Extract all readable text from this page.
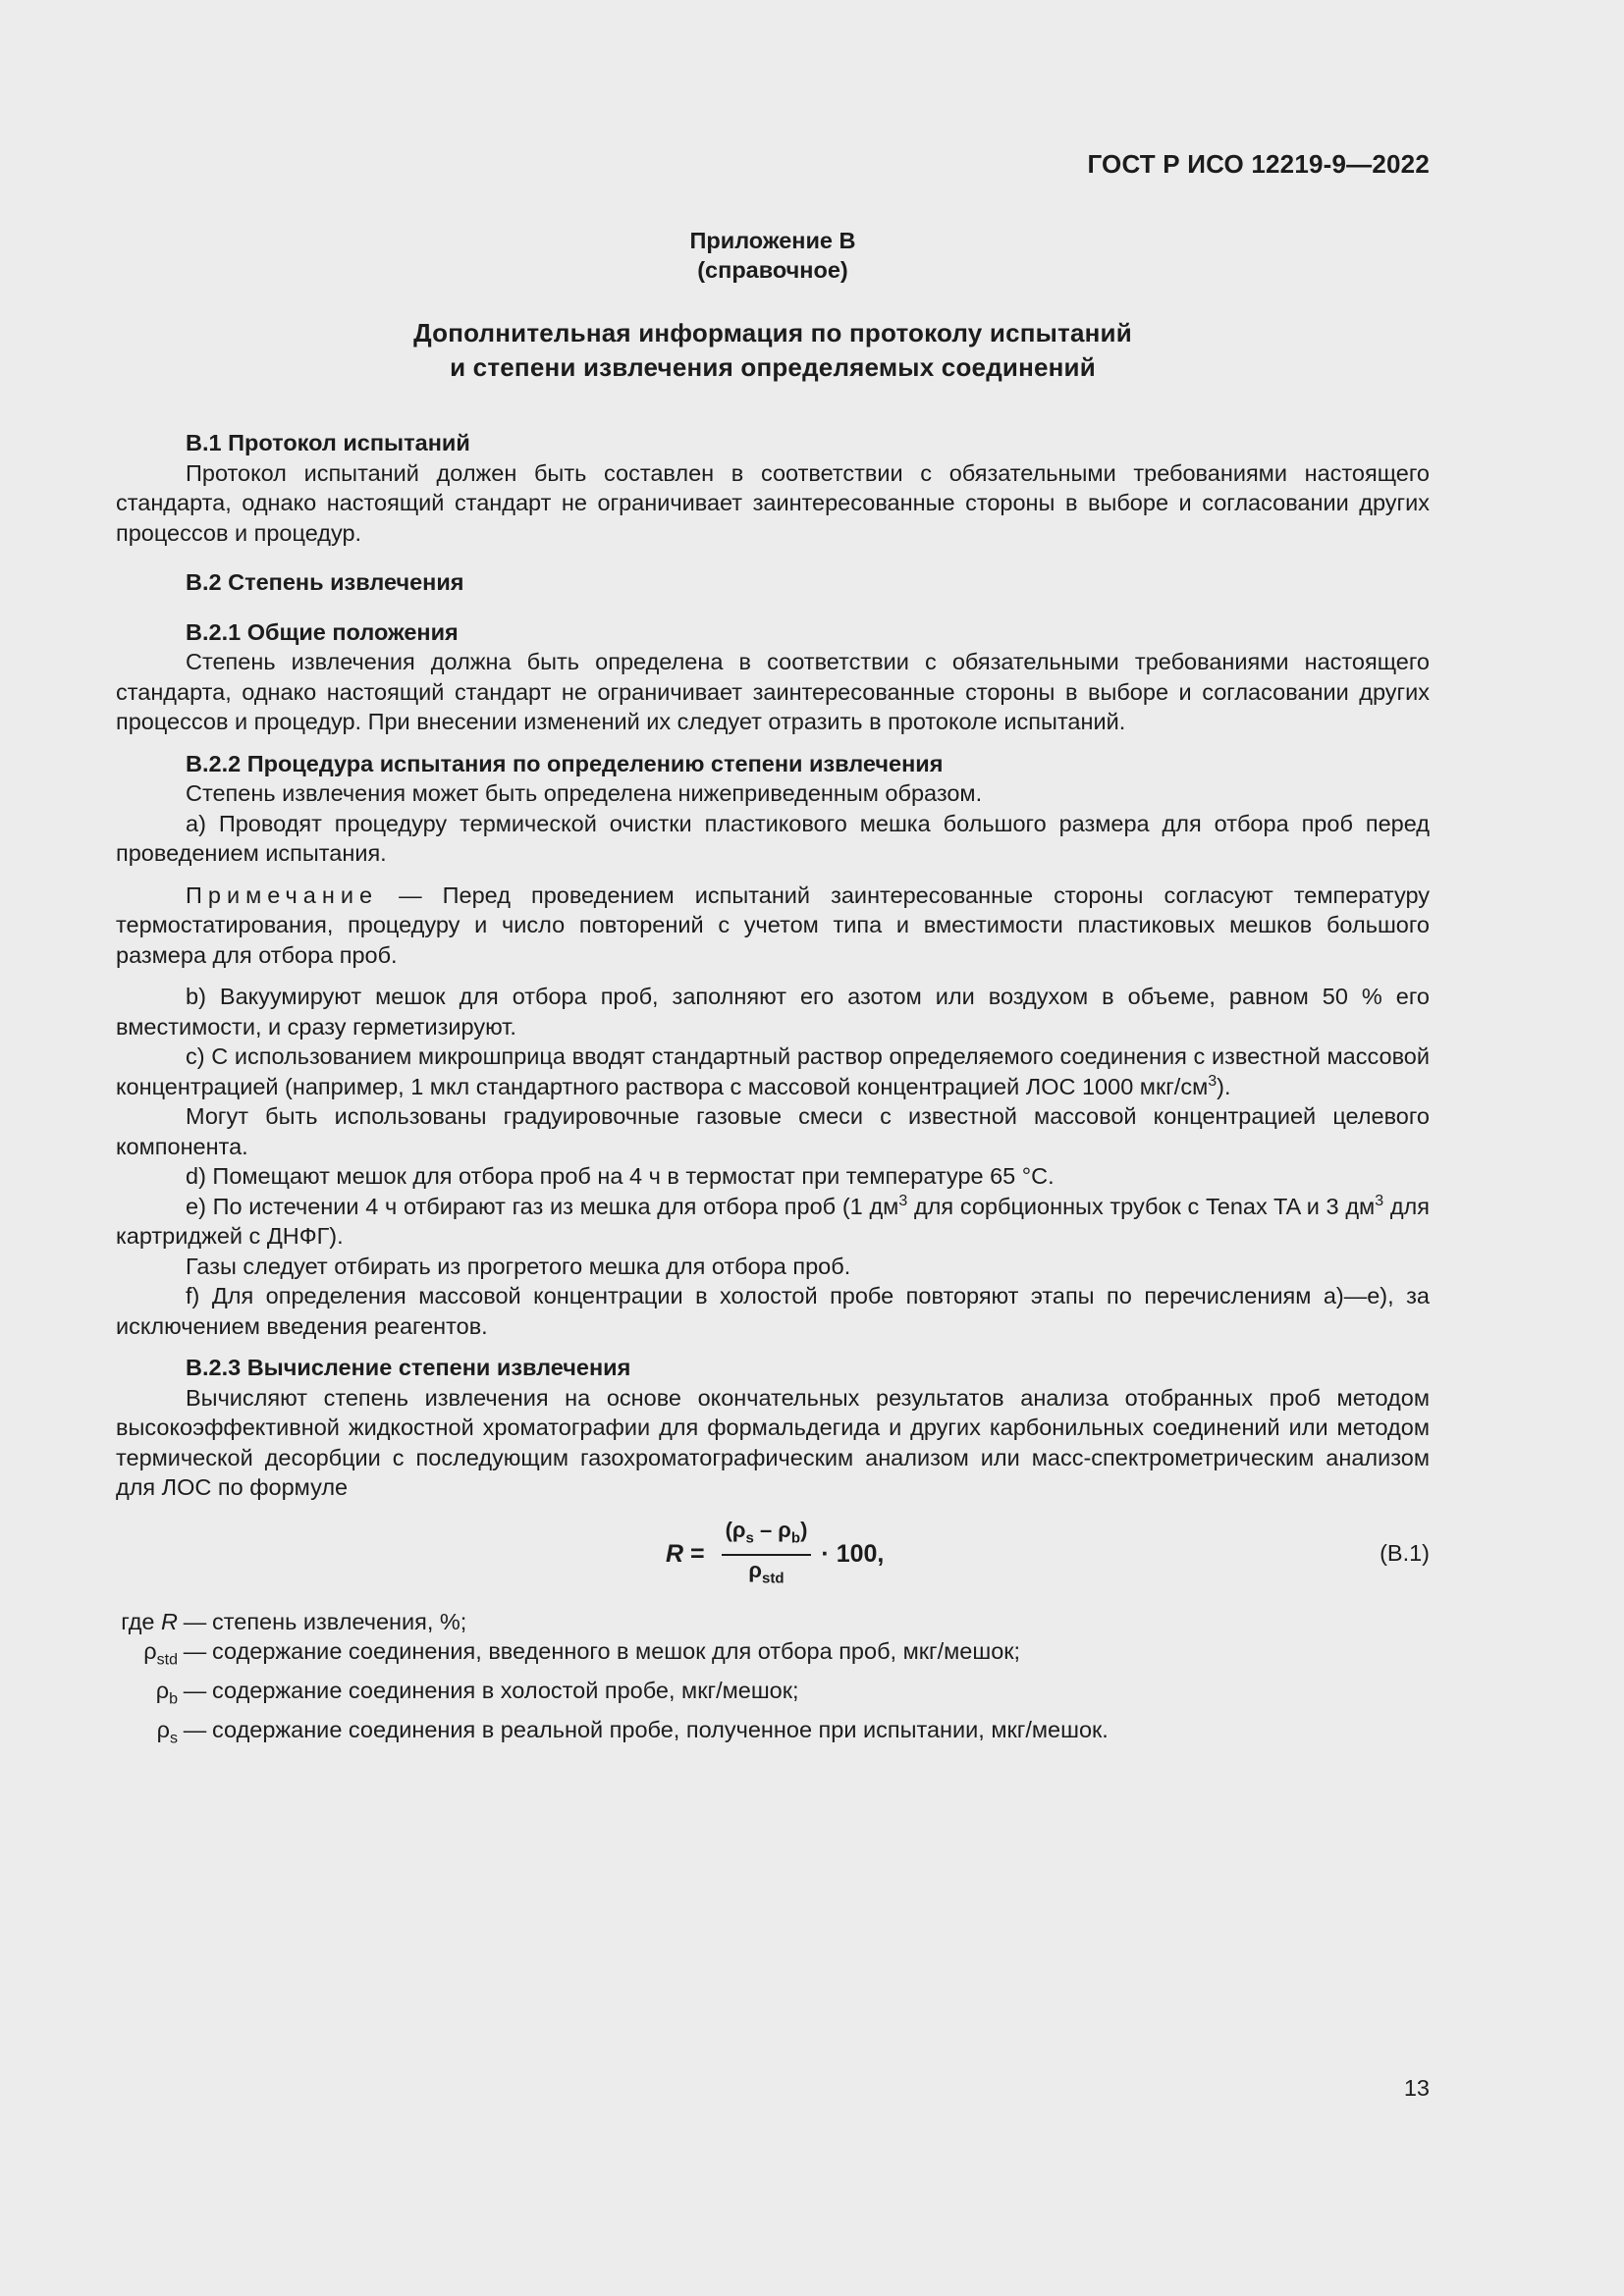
ГОСТ Р ИСО 12219-9—2022
Приложение В
(справочное)
Дополнительная информация по протоколу испытаний
и степени извлечения определяемых соединений

В.1 Протокол испытаний

Протокол испытаний должен быть составлен в соответствии с обязательными требованиями настоящего стандарта, однако настоящий стандарт не ограничивает заинтересованные стороны в выборе и согласовании других процессов и процедур.

В.2 Степень извлечения

В.2.1 Общие положения

Степень извлечения должна быть определена в соответствии с обязательными требованиями настоящего стандарта, однако настоящий стандарт не ограничивает заинтересованные стороны в выборе и согласовании других процессов и процедур. При внесении изменений их следует отразить в протоколе испытаний.

В.2.2 Процедура испытания по определению степени извлечения

Степень извлечения может быть определена нижеприведенным образом.

a) Проводят процедуру термической очистки пластикового мешка большого размера для отбора проб перед проведением испытания.

Примечание — Перед проведением испытаний заинтересованные стороны согласуют температуру термостатирования, процедуру и число повторений с учетом типа и вместимости пластиковых мешков большого размера для отбора проб.

b) Вакуумируют мешок для отбора проб, заполняют его азотом или воздухом в объеме, равном 50 % его вместимости, и сразу герметизируют.

c) С использованием микрошприца вводят стандартный раствор определяемого соединения с известной массовой концентрацией (например, 1 мкл стандартного раствора с массовой концентрацией ЛОС 1000 мкг/$см^3$).

Могут быть использованы градуировочные газовые смеси с известной массовой концентрацией целевого компонента.

d) Помещают мешок для отбора проб на 4 ч в термостат при температуре 65 °С.

e) По истечении 4 ч отбирают газ из мешка для отбора проб (1 $дм^3$ для сорбционных трубок с Tenax TA и 3 $дм^3$ для картриджей с ДНФГ).

Газы следует отбирать из прогретого мешка для отбора проб.

f) Для определения массовой концентрации в холостой пробе повторяют этапы по перечислениям а)—е), за исключением введения реагентов.

В.2.3 Вычисление степени извлечения

Вычисляют степень извлечения на основе окончательных результатов анализа отобранных проб методом высокоэффективной жидкостной хроматографии для формальдегида и других карбонильных соединений или методом термической десорбции с последующим газохроматографическим анализом или масс-спектрометрическим анализом для ЛОС по формуле

$R = \frac{(\rho_s - \rho_b)}{\rho_{std}} \cdot 100$,	(В.1)
где R — степень извлечения, %;
$\rho_{std}$ — содержание соединения, введенного в мешок для отбора проб, мкг/мешок;
$\rho_b$ — содержание соединения в холостой пробе, мкг/мешок;
$\rho_s$ — содержание соединения в реальной пробе, полученное при испытании, мкг/мешок.
13
